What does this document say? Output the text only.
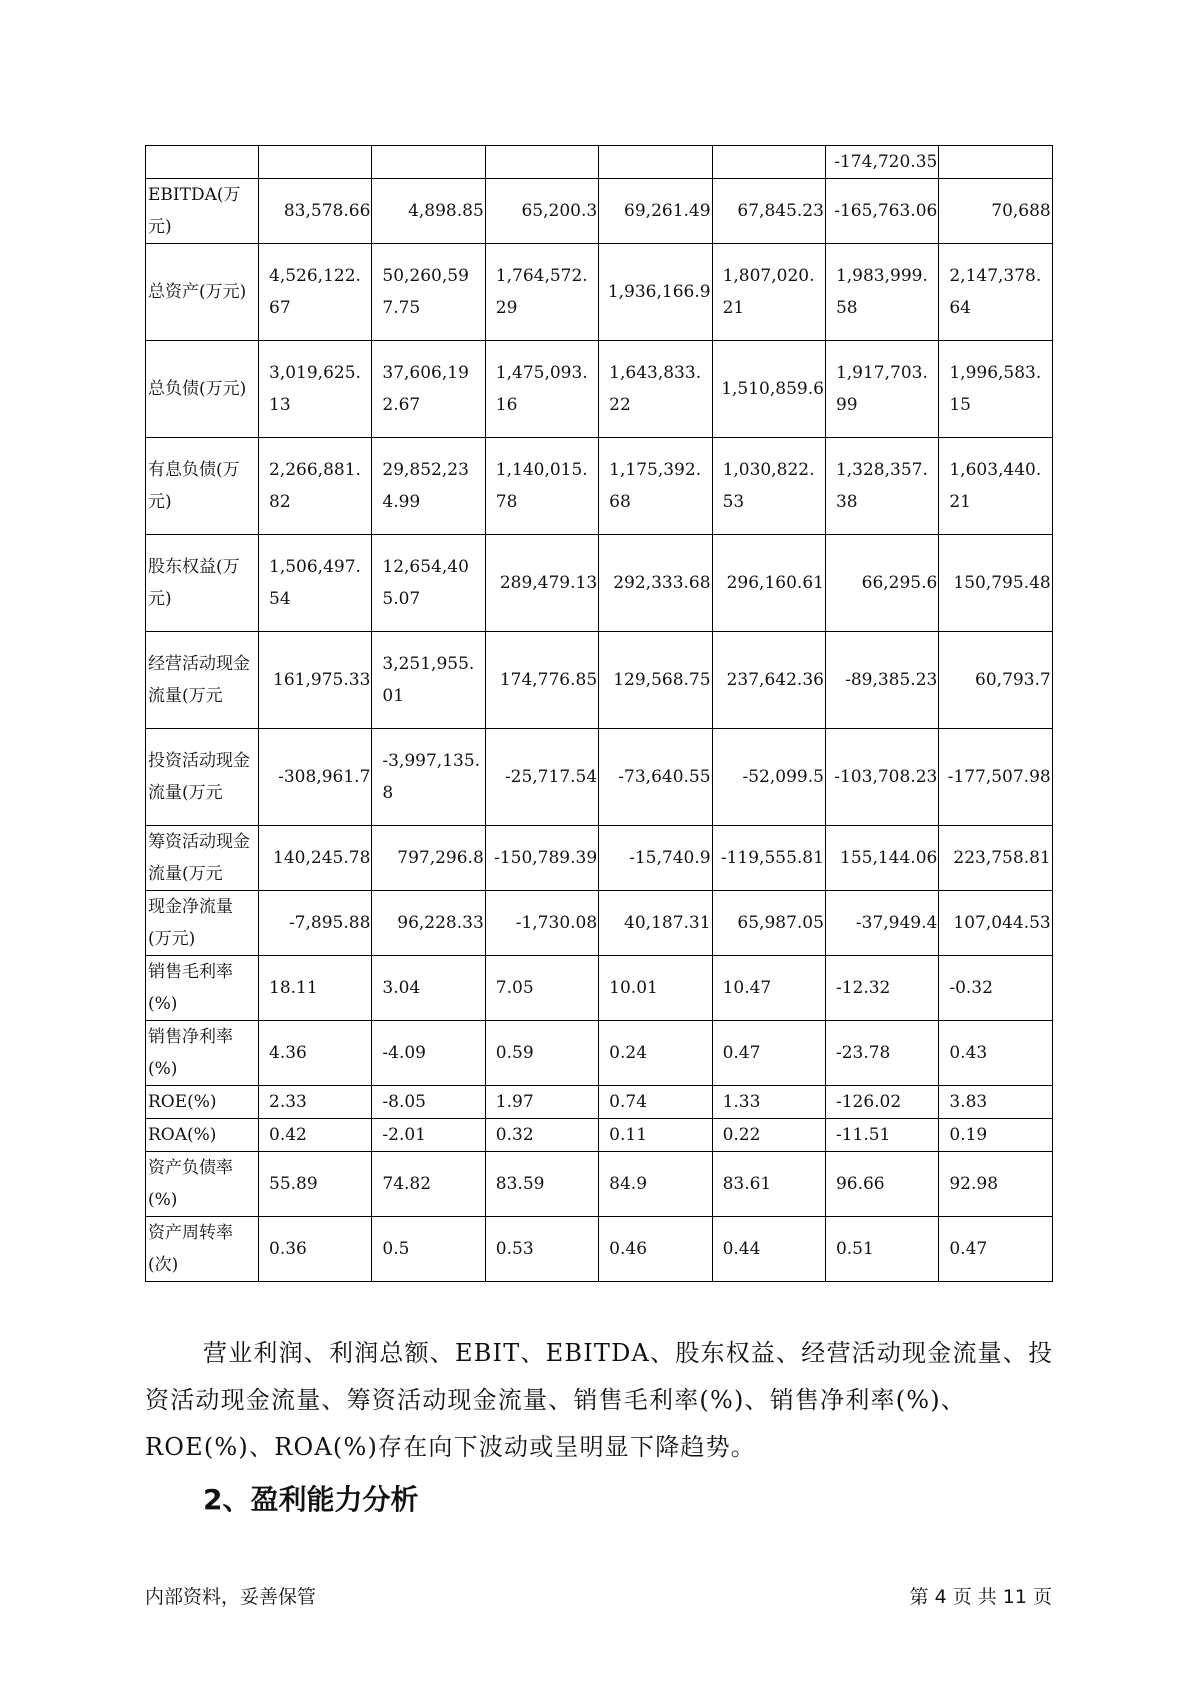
						-174,720.35	
EBITDA(万元)	83,578.66	4,898.85	65,200.3	69,261.49	67,845.23	-165,763.06	70,688
总资产(万元)	4,526,122.67	50,260,597.75	1,764,572.29	1,936,166.9	1,807,020.21	1,983,999.58	2,147,378.64
总负债(万元)	3,019,625.13	37,606,192.67	1,475,093.16	1,643,833.22	1,510,859.6	1,917,703.99	1,996,583.15
有息负债(万元)	2,266,881.82	29,852,234.99	1,140,015.78	1,175,392.68	1,030,822.53	1,328,357.38	1,603,440.21
股东权益(万元)	1,506,497.54	12,654,405.07	289,479.13	292,333.68	296,160.61	66,295.6	150,795.48
经营活动现金流量(万元	161,975.33	3,251,955.01	174,776.85	129,568.75	237,642.36	-89,385.23	60,793.7
投资活动现金流量(万元	-308,961.7	-3,997,135.8	-25,717.54	-73,640.55	-52,099.5	-103,708.23	-177,507.98
筹资活动现金流量(万元	140,245.78	797,296.8	-150,789.39	-15,740.9	-119,555.81	155,144.06	223,758.81
现金净流量(万元)	-7,895.88	96,228.33	-1,730.08	40,187.31	65,987.05	-37,949.4	107,044.53
销售毛利率(%)	18.11	3.04	7.05	10.01	10.47	-12.32	-0.32
销售净利率(%)	4.36	-4.09	0.59	0.24	0.47	-23.78	0.43
ROE(%)	2.33	-8.05	1.97	0.74	1.33	-126.02	3.83
ROA(%)	0.42	-2.01	0.32	0.11	0.22	-11.51	0.19
资产负债率(%)	55.89	74.82	83.59	84.9	83.61	96.66	92.98
资产周转率(次)	0.36	0.5	0.53	0.46	0.44	0.51	0.47

营业利润、利润总额、EBIT、EBITDA、股东权益、经营活动现金流量、投资活动现金流量、筹资活动现金流量、销售毛利率(%)、销售净利率(%)、ROE(%)、ROA(%)存在向下波动或呈明显下降趋势。

2、盈利能力分析
内部资料，妥善保管	第 4 页 共 11 页
